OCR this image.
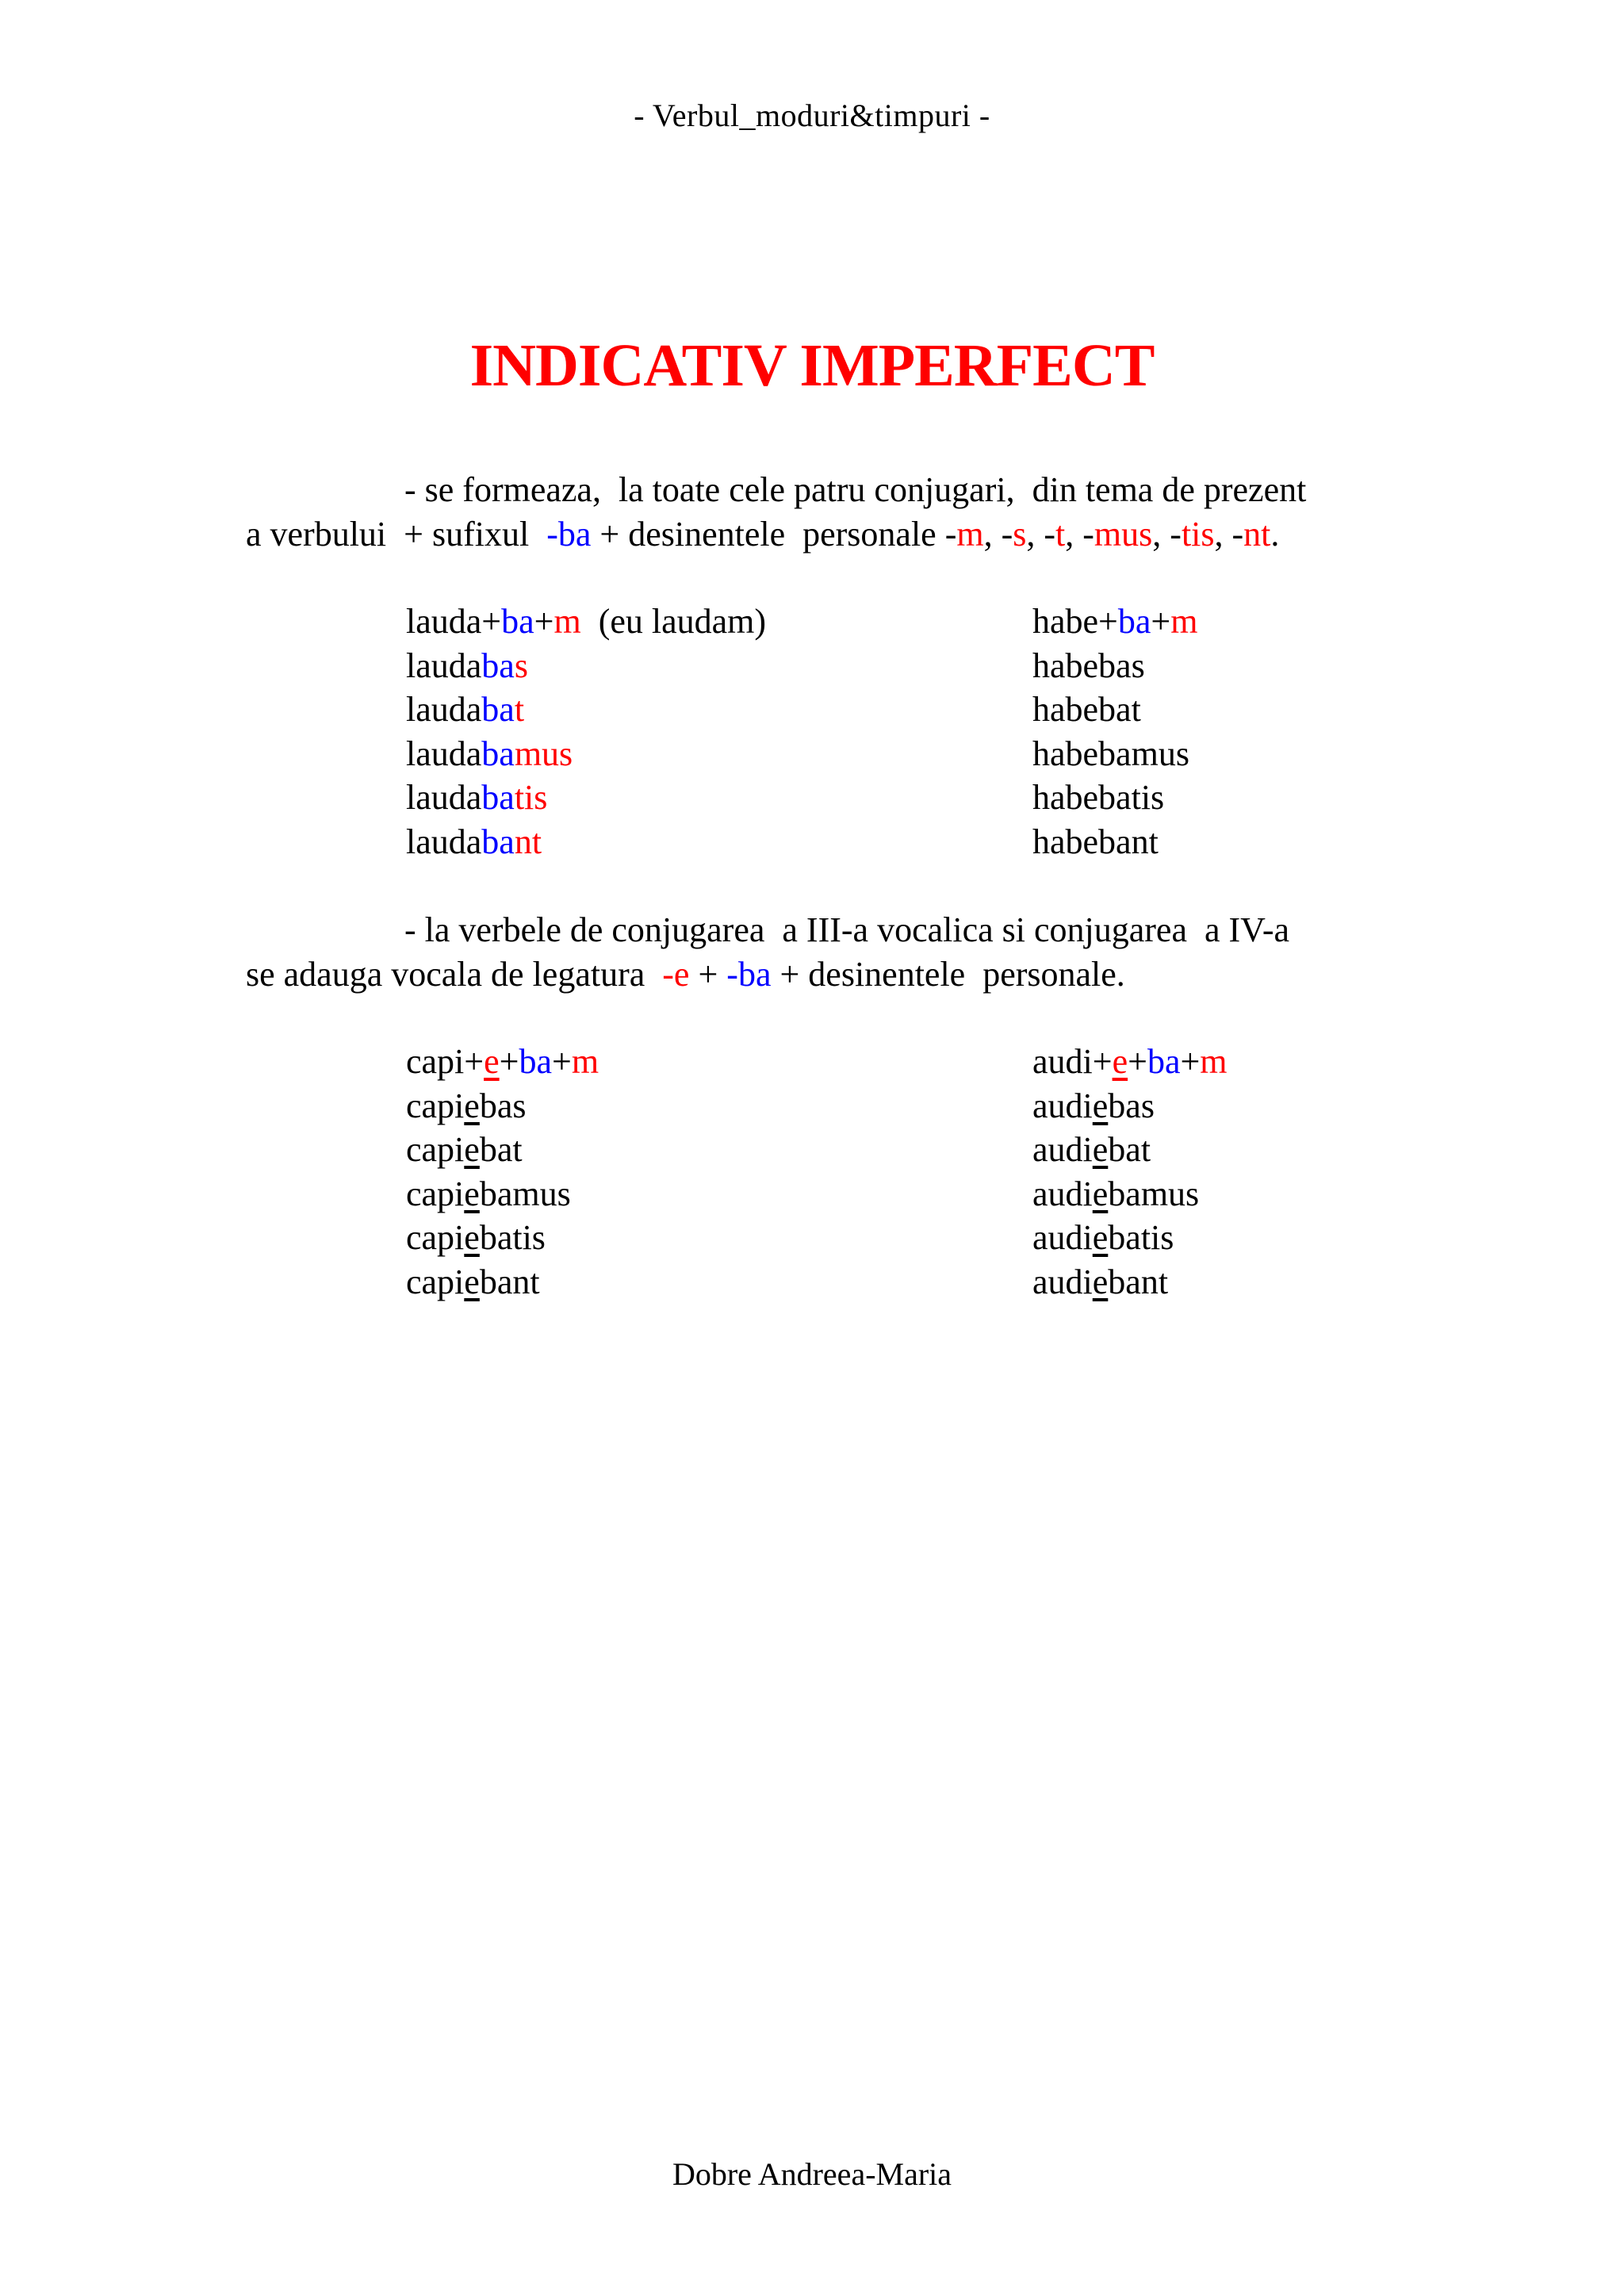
- Verbul_moduri&timpuri -
INDICATIV IMPERFECT
- se formeaza,  la toate cele patru conjugari,  din tema de prezent
a verbului  + sufixul  -ba + desinentele  personale -m, -s, -t, -mus, -tis, -nt.
lauda+ba+m  (eu laudam)
laudabas
laudabat
laudabamus
laudabatis
laudabant
habe+ba+m
habebas
habebat
habebamus
habebatis
habebant
- la verbele de conjugarea  a III-a vocalica si conjugarea  a IV-a
se adauga vocala de legatura  -e + -ba + desinentele  personale.
capi+e+ba+m
capiebas
capiebat
capiebamus
capiebatis
capiebant
audi+e+ba+m
audiebas
audiebat
audiebamus
audiebatis
audiebant
Dobre Andreea-Maria
